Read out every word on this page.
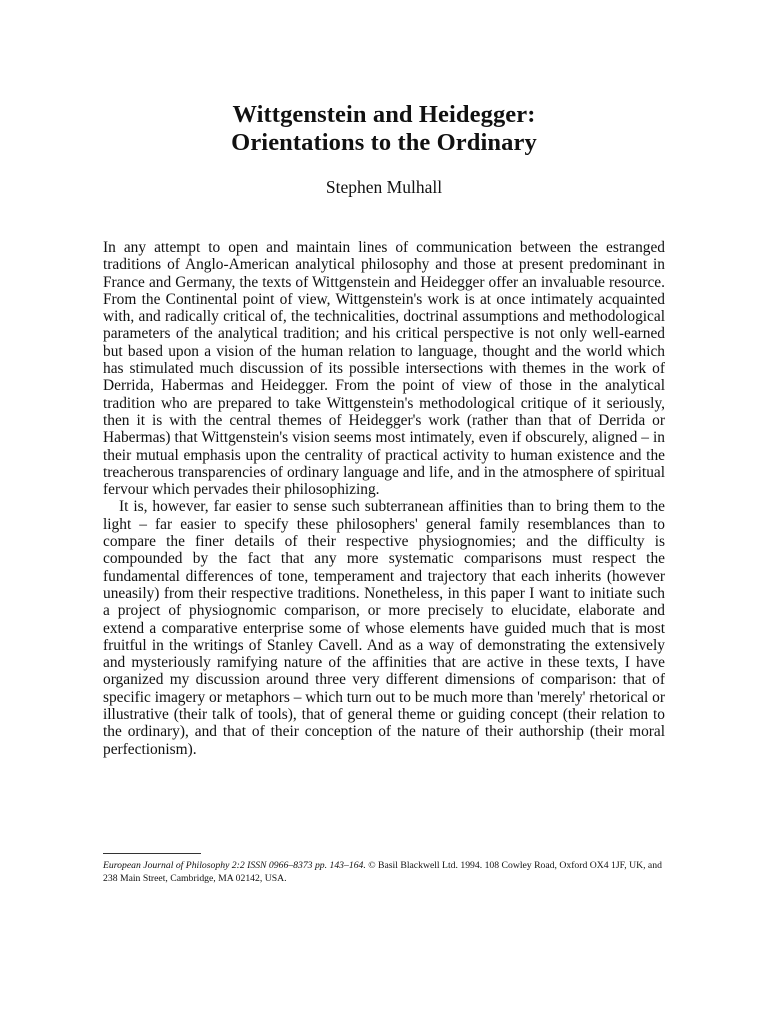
Wittgenstein and Heidegger:
Orientations to the Ordinary
Stephen Mulhall

In any attempt to open and maintain lines of communication between the estranged traditions of Anglo-American analytical philosophy and those at present predominant in France and Germany, the texts of Wittgenstein and Heidegger offer an invaluable resource. From the Continental point of view, Wittgenstein's work is at once intimately acquainted with, and radically critical of, the technicalities, doctrinal assumptions and methodological parameters of the analytical tradition; and his critical perspective is not only well-earned but based upon a vision of the human relation to language, thought and the world which has stimulated much discussion of its possible intersections with themes in the work of Derrida, Habermas and Heidegger. From the point of view of those in the analytical tradition who are prepared to take Wittgenstein's methodological critique of it seriously, then it is with the central themes of Heidegger's work (rather than that of Derrida or Habermas) that Wittgenstein's vision seems most intimately, even if obscurely, aligned – in their mutual emphasis upon the centrality of practical activity to human existence and the treacherous transparencies of ordinary language and life, and in the atmosphere of spiritual fervour which pervades their philosophizing.

It is, however, far easier to sense such subterranean affinities than to bring them to the light – far easier to specify these philosophers' general family resemblances than to compare the finer details of their respective physiognomies; and the difficulty is compounded by the fact that any more systematic comparisons must respect the fundamental differences of tone, temperament and trajectory that each inherits (however uneasily) from their respective traditions. Nonetheless, in this paper I want to initiate such a project of physiognomic comparison, or more precisely to elucidate, elaborate and extend a comparative enterprise some of whose elements have guided much that is most fruitful in the writings of Stanley Cavell. And as a way of demonstrating the extensively and mysteriously ramifying nature of the affinities that are active in these texts, I have organized my discussion around three very different dimensions of comparison: that of specific imagery or metaphors – which turn out to be much more than 'merely' rhetorical or illustrative (their talk of tools), that of general theme or guiding concept (their relation to the ordinary), and that of their conception of the nature of their authorship (their moral perfectionism).

European Journal of Philosophy 2:2 ISSN 0966–8373 pp. 143–164. © Basil Blackwell Ltd. 1994. 108 Cowley Road, Oxford OX4 1JF, UK, and 238 Main Street, Cambridge, MA 02142, USA.
